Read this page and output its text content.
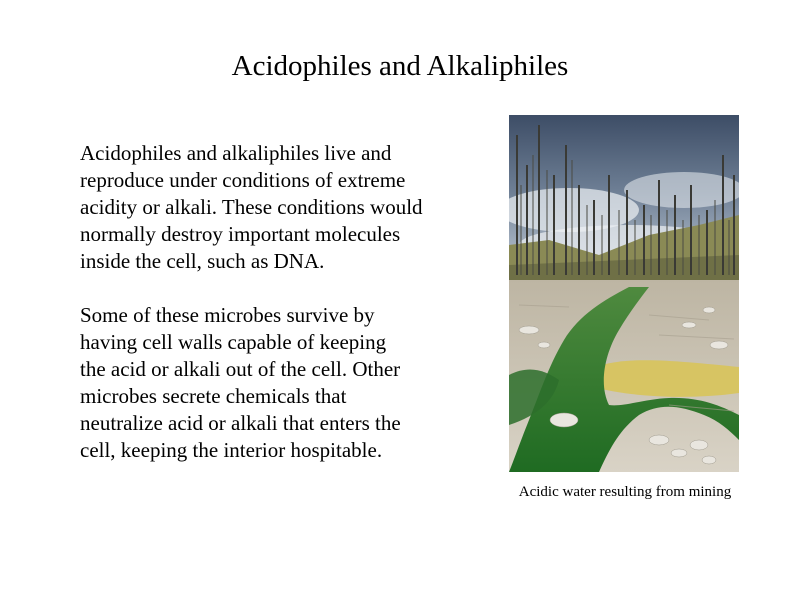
Acidophiles and Alkaliphiles

Acidophiles and alkaliphiles live and
reproduce under conditions of extreme
acidity or alkali. These conditions would
normally destroy important molecules
inside the cell, such as DNA.

Some of these microbes survive by
having cell walls capable of keeping
the acid or alkali out of the cell. Other
microbes secrete chemicals that
neutralize acid or alkali that enters the
cell, keeping the interior hospitable.

Acidic water resulting from mining
